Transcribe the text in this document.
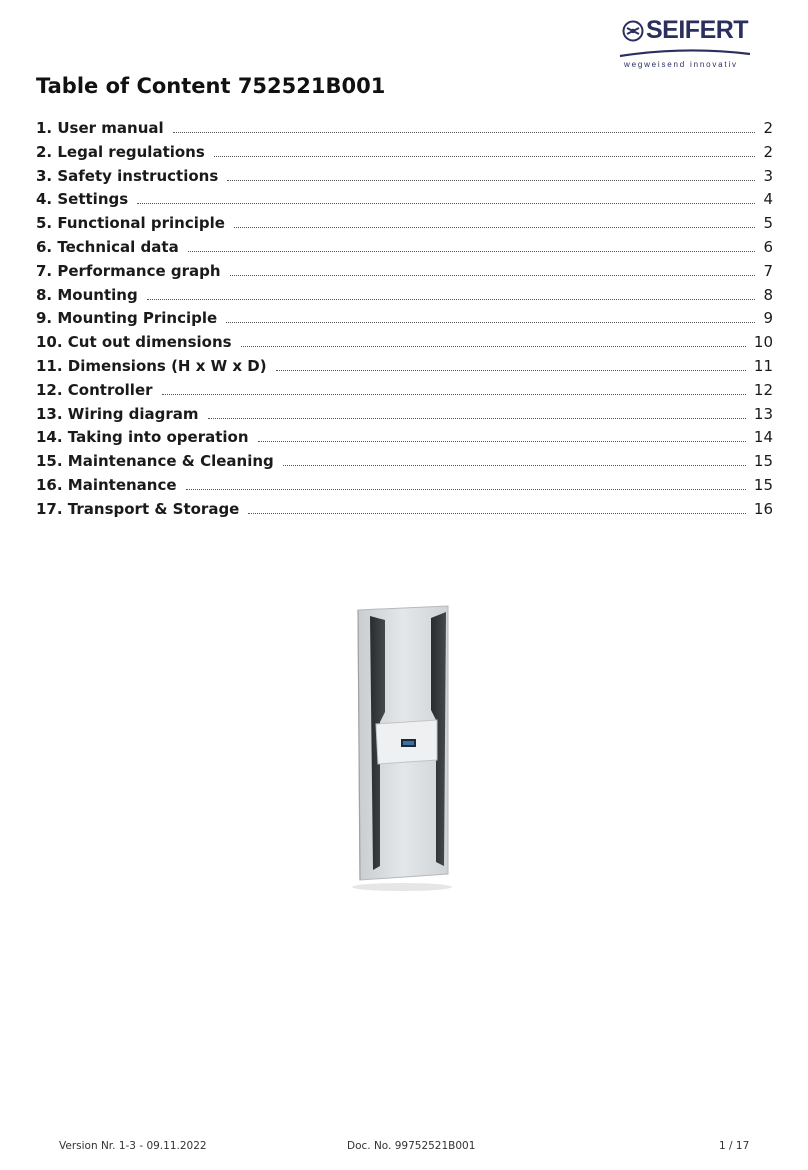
SEIFERT
wegweisend innovativ
Table of Content 752521B001
1. User manual	2
2. Legal regulations	2
3. Safety instructions	3
4. Settings	4
5. Functional principle	5
6. Technical data	6
7. Performance graph	7
8. Mounting	8
9. Mounting Principle	9
10. Cut out dimensions	10
11. Dimensions (H x W x D)	11
12. Controller	12
13. Wiring diagram	13
14. Taking into operation	14
15. Maintenance & Cleaning	15
16. Maintenance	15
17. Transport & Storage	16
Version Nr. 1-3 - 09.11.2022	Doc. No. 99752521B001	1 / 17
